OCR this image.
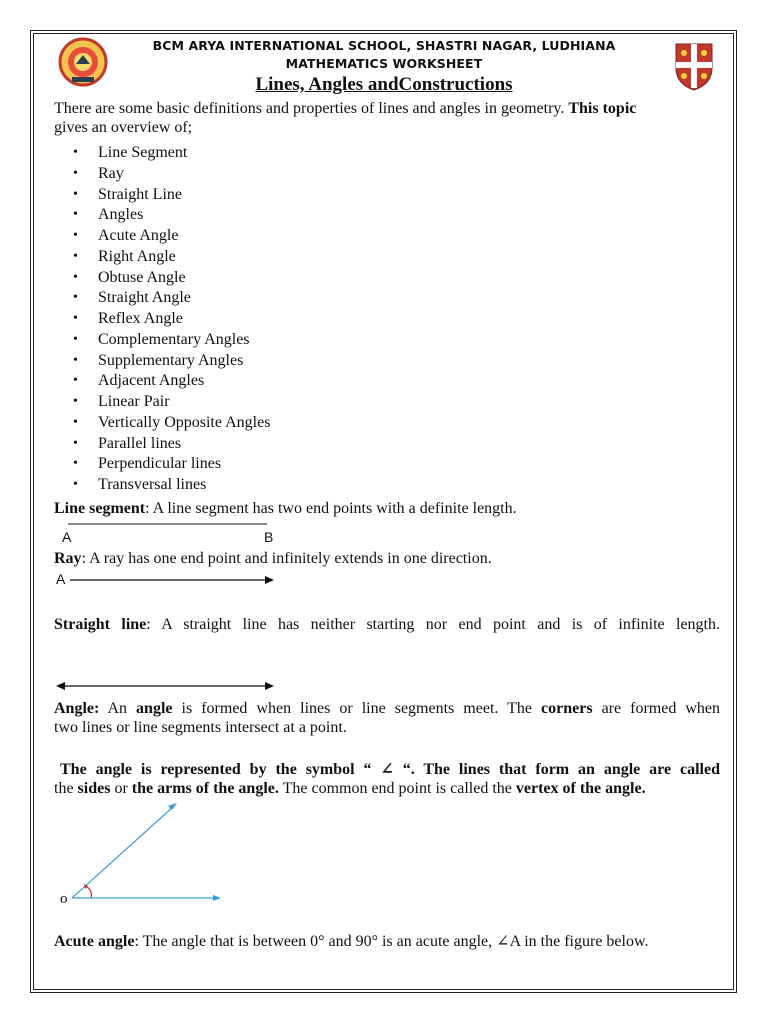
BCM ARYA INTERNATIONAL SCHOOL, SHASTRI NAGAR, LUDHIANA
MATHEMATICS WORKSHEET
Lines, Angles andConstructions
There are some basic definitions and properties of lines and angles in geometry. This topic
gives an overview of;
• Line Segment
• Ray
• Straight Line
• Angles
• Acute Angle
• Right Angle
• Obtuse Angle
• Straight Angle
• Reflex Angle
• Complementary Angles
• Supplementary Angles
• Adjacent Angles
• Linear Pair
• Vertically Opposite Angles
• Parallel lines
• Perpendicular lines
• Transversal lines
Line segment: A line segment has two end points with a definite length.
A	B
Ray: A ray has one end point and infinitely extends in one direction.
A
Straight line: A straight line has neither starting nor end point and is of infinite length.
Angle: An angle is formed when lines or line segments meet. The corners are formed when
two lines or line segments intersect at a point.
The angle is represented by the symbol “ ∠ “. The lines that form an angle are called
the sides or the arms of the angle. The common end point is called the vertex of the angle.
o
Acute angle: The angle that is between 0° and 90° is an acute angle, ∠A in the figure below.
